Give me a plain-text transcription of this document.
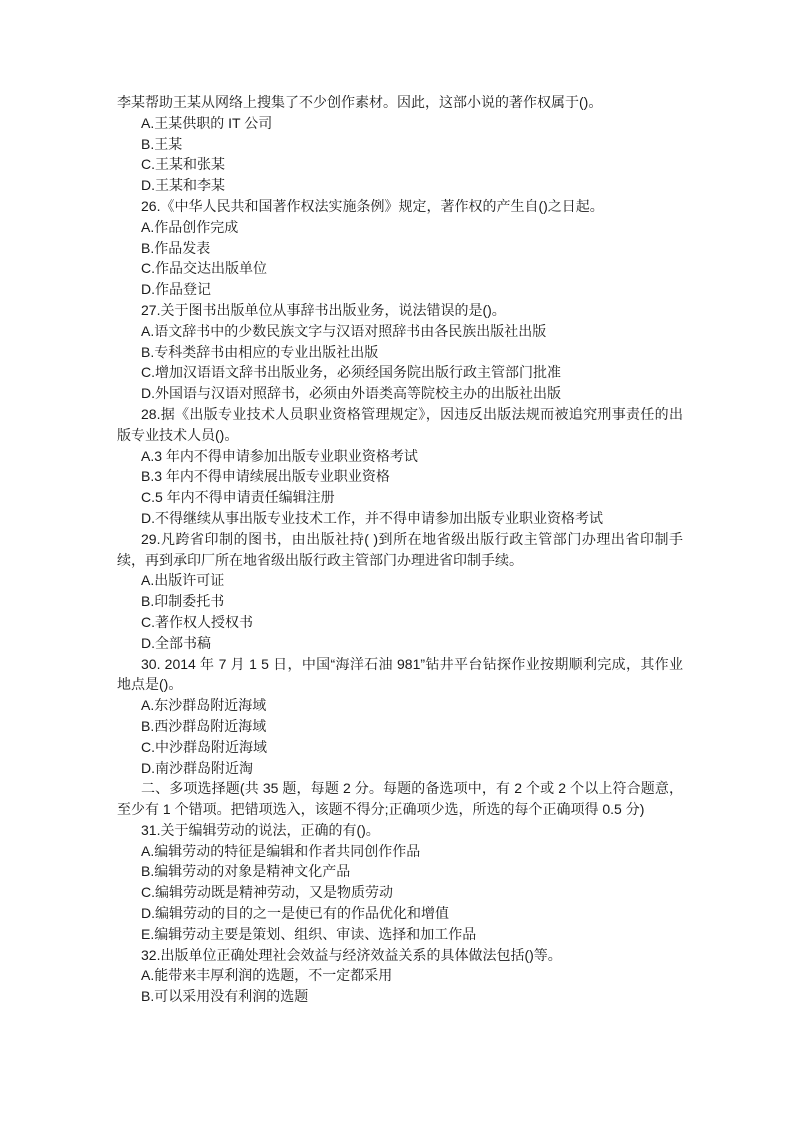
李某帮助王某从网络上搜集了不少创作素材。因此，这部小说的著作权属于()。
A.王某供职的 IT 公司
B.王某
C.王某和张某
D.王某和李某
26.《中华人民共和国著作权法实施条例》规定，著作权的产生自()之日起。
A.作品创作完成
B.作品发表
C.作品交达出版单位
D.作品登记
27.关于图书出版单位从事辞书出版业务，说法错误的是()。
A.语文辞书中的少数民族文字与汉语对照辞书由各民族出版社出版
B.专科类辞书由相应的专业出版社出版
C.增加汉语语文辞书出版业务，必须经国务院出版行政主管部门批准
D.外国语与汉语对照辞书，必须由外语类高等院校主办的出版社出版
28.据《出版专业技术人员职业资格管理规定》，因违反出版法规而被追究刑事责任的出版专业技术人员()。
A.3 年内不得申请参加出版专业职业资格考试
B.3 年内不得申请续展出版专业职业资格
C.5 年内不得申请责任编辑注册
D.不得继续从事出版专业技术工作，并不得申请参加出版专业职业资格考试
29.凡跨省印制的图书，由出版社持( )到所在地省级出版行政主管部门办理出省印制手续，再到承印厂所在地省级出版行政主管部门办理进省印制手续。
A.出版许可证
B.印制委托书
C.著作权人授权书
D.全部书稿
30. 2014 年 7 月 1 5 日，中国“海洋石油 981”钻井平台钻探作业按期顺利完成，其作业地点是()。
A.东沙群岛附近海域
B.西沙群岛附近海域
C.中沙群岛附近海域
D.南沙群岛附近淘
二、多项选择题(共 35 题，每题 2 分。每题的备选项中，有 2 个或 2 个以上符合题意，至少有 1 个错项。把错项选入，该题不得分;正确项少选，所选的每个正确项得 0.5 分)
31.关于编辑劳动的说法，正确的有()。
A.编辑劳动的特征是编辑和作者共同创作作品
B.编辑劳动的对象是精神文化产品
C.编辑劳动既是精神劳动，又是物质劳动
D.编辑劳动的目的之一是使已有的作品优化和增值
E.编辑劳动主要是策划、组织、审读、选择和加工作品
32.出版单位正确处理社会效益与经济效益关系的具体做法包括()等。
A.能带来丰厚利润的选题，不一定都采用
B.可以采用没有利润的选题
